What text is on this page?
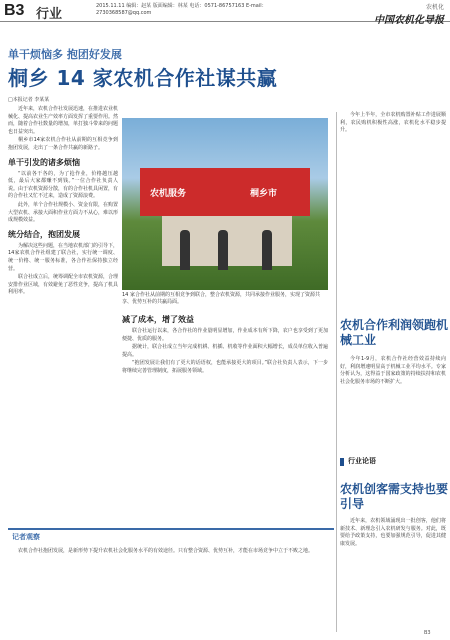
B3 行业
2015.11.11 编辑：赵某 版面编辑：林某 电话：0571-86757163 E-mail：2730368587@qq.com
农机化
中国农机化导报
单干烦恼多 抱团好发展
桐乡 14 家农机合作社谋共赢
□本报记者 李某某

近年来，农机合作社发展迅速，在推进农业机械化、提高农业生产效率方面发挥了重要作用。然而，随着合作社数量的增加，单打独斗带来的问题也日益突出。

桐乡市14家农机合作社从前期的互相竞争到抱团发展，走出了一条合作共赢的新路子。

单干引发的诸多烦恼

“以前各干各的，为了抢作业，价格越压越低，最后大家都赚不到钱。”一位合作社负责人说。由于农机资源分散，有的合作社机具闲置，有的合作社又忙不过来，造成了资源浪费。

此外，单个合作社规模小、资金有限，在购置大型农机、承接大面积作业方面力不从心，难以形成规模效益。

统分结合，抱团发展

为解决这些问题，在当地农机部门的引导下，14家农机合作社组建了联合社，实行统一调度、统一价格、统一服务标准，各合作社保持独立经营。

联合社成立后，统筹调配全市农机资源，合理安排作业区域，有效避免了恶性竞争，提高了机具利用率。

农机服务	桐乡市
14 家合作社从前期的互相竞争到联合，整合农机资源，共同承接作业服务，实现了资源共享、优势互补的共赢局面。
减了成本，增了效益

联合社运行以来，各合作社的作业量明显增加，作业成本有所下降，农户也享受到了更加便捷、优质的服务。

据统计，联合社成立当年完成机耕、机插、机收等作业面积大幅增长，成员单位收入普遍提高。

“抱团发展让我们有了更大的话语权，也能承接更大的项目。”联合社负责人表示，下一步将继续完善管理制度，拓展服务领域。

记者观察

农机合作社抱团发展，是新形势下提升农机社会化服务水平的有效途径。只有整合资源、优势互补，才能在市场竞争中立于不败之地。

今年上半年，全市农机购置补贴工作进展顺利，农民购机积极性高涨，农机化水平稳步提升。

农机合作利润领跑机械工业

今年1-9月，农机合作社经营效益持续向好，利润增速明显高于机械工业平均水平。专家分析认为，这得益于国家政策的持续扶持和农机社会化服务市场的不断扩大。

行业论语
农机创客需支持也要引导

近年来，农机领域涌现出一批创客，他们将新技术、新理念引入农机研发与服务。对此，既要给予政策支持，也要加强规范引导，促进其健康发展。

B3
